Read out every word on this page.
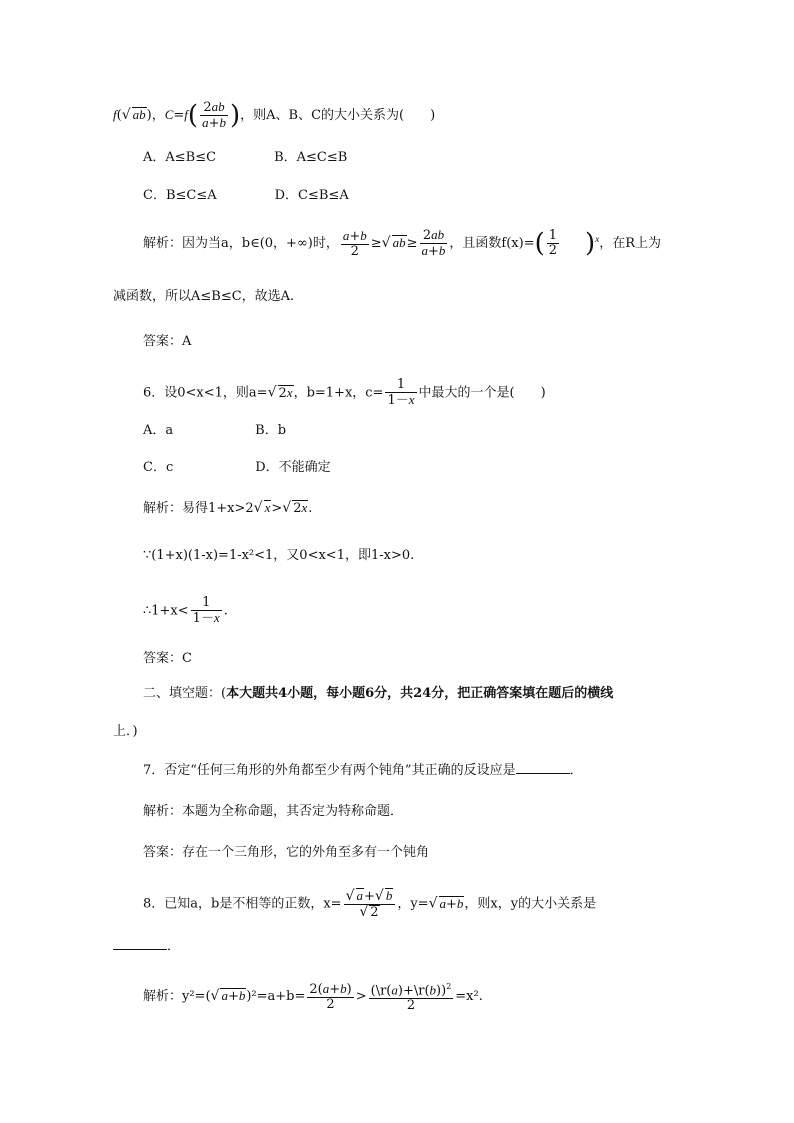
f(√ ab)，$C=f( \frac{2ab}{a+b}$ )，则A、B、C的大小关系为(　　)
A．A≤B≤C	B．A≤C≤B
C．B≤C≤A	D．C≤B≤A
解析：因为当a，b∈(0，+∞)时， $\frac{a+b}{2}$ ≥√ $ab\ge \frac{2ab}{a+b}$ ，且函数$f(x)=( \frac{1}{2} )^x$，在R上为
减函数，所以A≤B≤C，故选A.
答案：A
6．设0<x<1，则a=√ 2x，b=1+x，$c= \frac{1}{1-x}$ 中最大的一个是(　　)
A．a	B．b
C．c	D．不能确定
解析：易得1+x>2√ x>√ 2x.
∵(1+x)(1-x)=1-x²<1，又0<x<1，即1-x>0.
∴1+x< $\frac{1}{1-x}$ .
答案：C
二、填空题：(本大题共4小题，每小题6分，共24分，把正确答案填在题后的横线
上．)
7．否定“任何三角形的外角都至少有两个钝角”其正确的反设应是	．
解析：本题为全称命题，其否定为特称命题．
答案：存在一个三角形，它的外角至多有一个钝角
8．已知a，b是不相等的正数，$x= \frac{√ a+√ b}{√ 2}$ ，y=√ a+b，则x，y的大小关系是
．
解析：y²=(√ $a+b)^2=a+b= \frac{2(a+b)}{2} > \frac{(\backslash r(a)+\backslash r(b))^2}{2} =x^2$.
